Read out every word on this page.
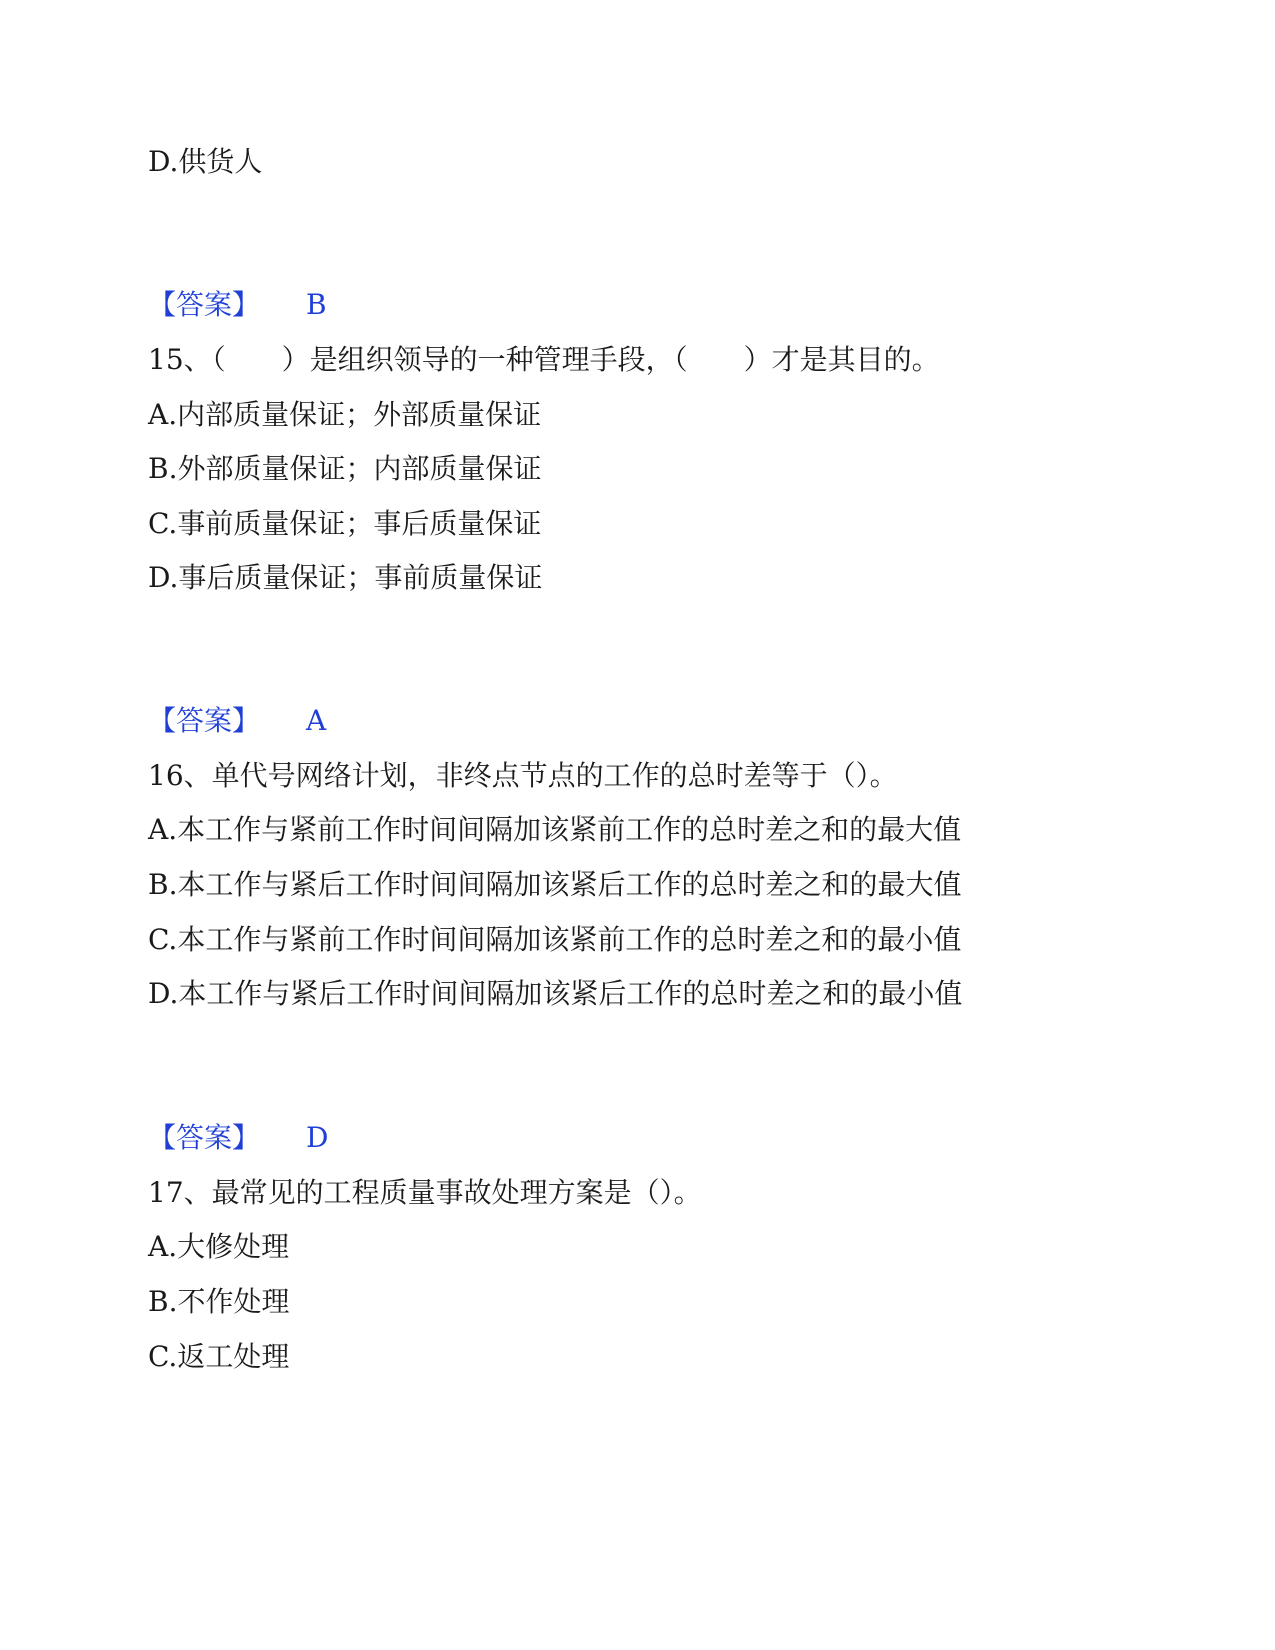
D.供货人
【答案】 B
15、（　　）是组织领导的一种管理手段，（　　）才是其目的。
A.内部质量保证；外部质量保证
B.外部质量保证；内部质量保证
C.事前质量保证；事后质量保证
D.事后质量保证；事前质量保证
【答案】 A
16、单代号网络计划，非终点节点的工作的总时差等于（）。
A.本工作与紧前工作时间间隔加该紧前工作的总时差之和的最大值
B.本工作与紧后工作时间间隔加该紧后工作的总时差之和的最大值
C.本工作与紧前工作时间间隔加该紧前工作的总时差之和的最小值
D.本工作与紧后工作时间间隔加该紧后工作的总时差之和的最小值
【答案】 D
17、最常见的工程质量事故处理方案是（）。
A.大修处理
B.不作处理
C.返工处理
